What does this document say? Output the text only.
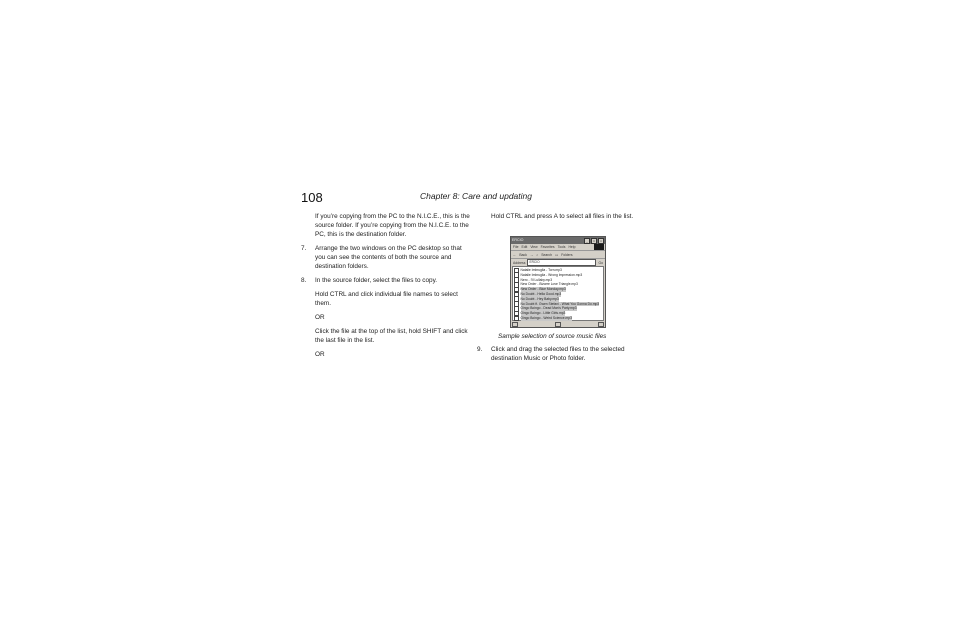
108	Chapter 8: Care and updating

If you’re copying from the PC to the N.I.C.E., this is the source folder. If you’re copying from the N.I.C.E. to the PC, this is the destination folder.

7.	Arrange the two windows on the PC desktop so that you can see the contents of both the source and destination folders.

8.	In the source folder, select the files to copy.

Hold CTRL and click individual file names to select them.

OR

Click the file at the top of the list, hold SHIFT and click the last file in the list.

OR

Hold CTRL and press A to select all files in the list.

ERCIO	_	□	×
File Edit View Favorites Tools Help
← Back → ⌕ Search ▭ Folders
Address	ERCIO	Go
Natalie Imbruglia - Torn.mp3
Natalie Imbruglia - Wrong Impression.mp3
Nero - I'll Lullaby.mp3
New Order - Bizarre Love Triangle.mp3
New Order - Blue Monday.mp3
No Doubt - Hella Good.mp3
No Doubt - Hey Baby.mp3
No Doubt ft. Gwen Stefani - What You Gonna Do.mp3
Oingo Boingo - Dead Man's Party.mp3
Oingo Boingo - Little Girls.mp3
Oingo Boingo - Weird Science.mp3
Sample selection of source music files
9.	Click and drag the selected files to the selected destination Music or Photo folder.
